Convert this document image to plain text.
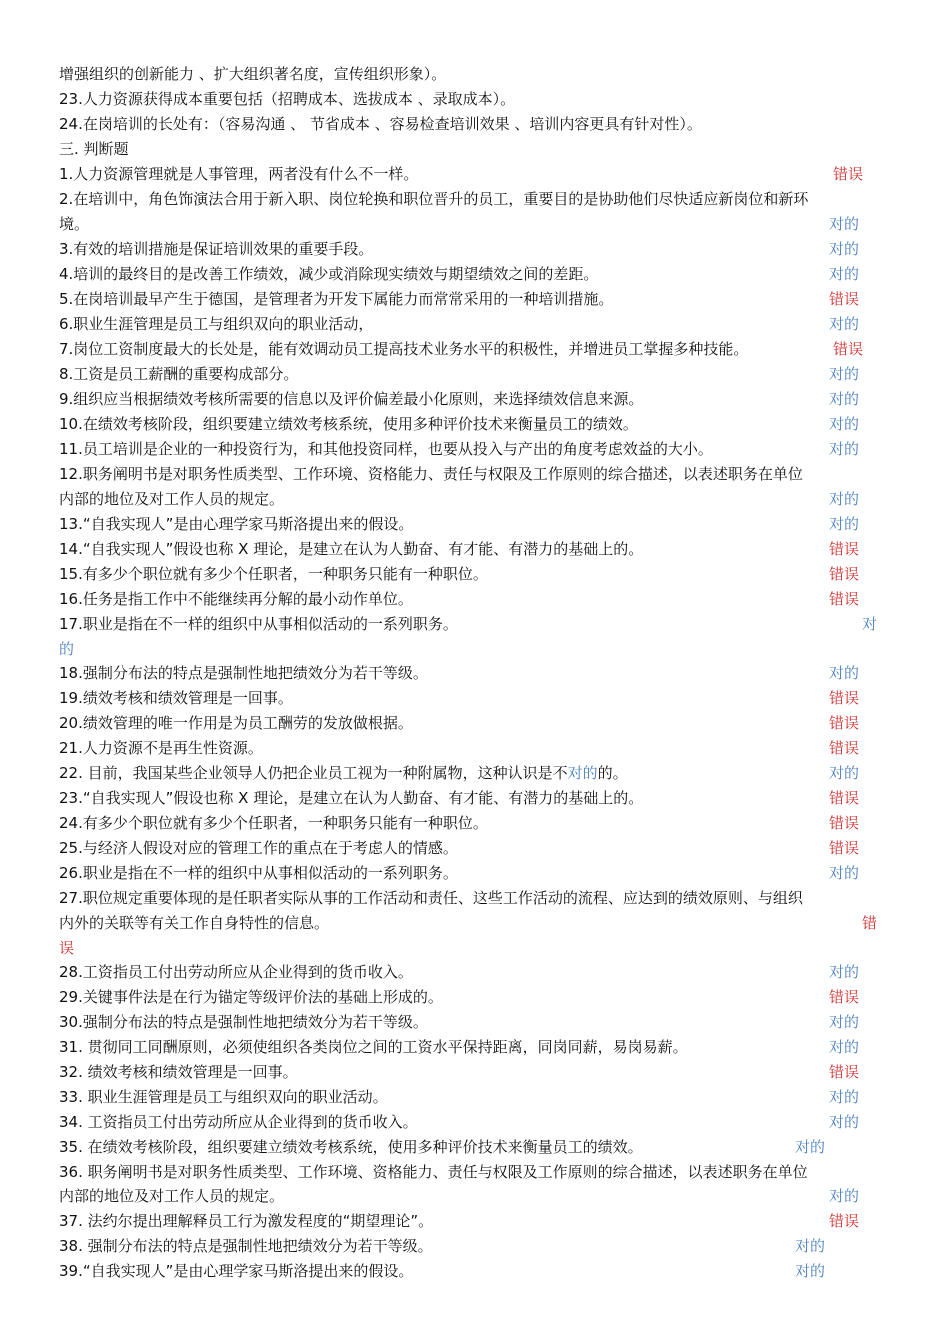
增强组织的创新能力 、扩大组织著名度，宣传组织形象）。
23.人力资源获得成本重要包括（招聘成本、选拔成本 、录取成本）。
24.在岗培训的长处有：（容易沟通 、 节省成本 、容易检查培训效果 、培训内容更具有针对性）。
三. 判断题
1.人力资源管理就是人事管理，两者没有什么不一样。	错误
2.在培训中，角色饰演法合用于新入职、岗位轮换和职位晋升的员工，重要目的是协助他们尽快适应新岗位和新环
境。	对的
3.有效的培训措施是保证培训效果的重要手段。	对的
4.培训的最终目的是改善工作绩效，减少或消除现实绩效与期望绩效之间的差距。	对的
5.在岗培训最早产生于德国，是管理者为开发下属能力而常常采用的一种培训措施。	错误
6.职业生涯管理是员工与组织双向的职业活动，	对的
7.岗位工资制度最大的长处是，能有效调动员工提高技术业务水平的积极性，并增进员工掌握多种技能。	错误
8.工资是员工薪酬的重要构成部分。	对的
9.组织应当根据绩效考核所需要的信息以及评价偏差最小化原则，来选择绩效信息来源。	对的
10.在绩效考核阶段，组织要建立绩效考核系统，使用多种评价技术来衡量员工的绩效。	对的
11.员工培训是企业的一种投资行为，和其他投资同样，也要从投入与产出的角度考虑效益的大小。	对的
12.职务阐明书是对职务性质类型、工作环境、资格能力、责任与权限及工作原则的综合描述，以表述职务在单位
内部的地位及对工作人员的规定。	对的
13.“自我实现人”是由心理学家马斯洛提出来的假设。	对的
14.“自我实现人”假设也称 X 理论，是建立在认为人勤奋、有才能、有潜力的基础上的。	错误
15.有多少个职位就有多少个任职者，一种职务只能有一种职位。	错误
16.任务是指工作中不能继续再分解的最小动作单位。	错误
17.职业是指在不一样的组织中从事相似活动的一系列职务。	对
的
18.强制分布法的特点是强制性地把绩效分为若干等级。	对的
19.绩效考核和绩效管理是一回事。	错误
20.绩效管理的唯一作用是为员工酬劳的发放做根据。	错误
21.人力资源不是再生性资源。	错误
22. 目前，我国某些企业领导人仍把企业员工视为一种附属物，这种认识是不对的的。	对的
23.“自我实现人”假设也称 X 理论，是建立在认为人勤奋、有才能、有潜力的基础上的。	错误
24.有多少个职位就有多少个任职者，一种职务只能有一种职位。	错误
25.与经济人假设对应的管理工作的重点在于考虑人的情感。	错误
26.职业是指在不一样的组织中从事相似活动的一系列职务。	对的
27.职位规定重要体现的是任职者实际从事的工作活动和责任、这些工作活动的流程、应达到的绩效原则、与组织
内外的关联等有关工作自身特性的信息。	错
误
28.工资指员工付出劳动所应从企业得到的货币收入。	对的
29.关键事件法是在行为锚定等级评价法的基础上形成的。	错误
30.强制分布法的特点是强制性地把绩效分为若干等级。	对的
31. 贯彻同工同酬原则，必须使组织各类岗位之间的工资水平保持距离，同岗同薪，易岗易薪。	对的
32. 绩效考核和绩效管理是一回事。	错误
33. 职业生涯管理是员工与组织双向的职业活动。	对的
34. 工资指员工付出劳动所应从企业得到的货币收入。	对的
35. 在绩效考核阶段，组织要建立绩效考核系统，使用多种评价技术来衡量员工的绩效。	对的
36. 职务阐明书是对职务性质类型、工作环境、资格能力、责任与权限及工作原则的综合描述，以表述职务在单位
内部的地位及对工作人员的规定。	对的
37. 法约尔提出理解释员工行为激发程度的“期望理论”。	错误
38. 强制分布法的特点是强制性地把绩效分为若干等级。	对的
39.“自我实现人”是由心理学家马斯洛提出来的假设。	对的
